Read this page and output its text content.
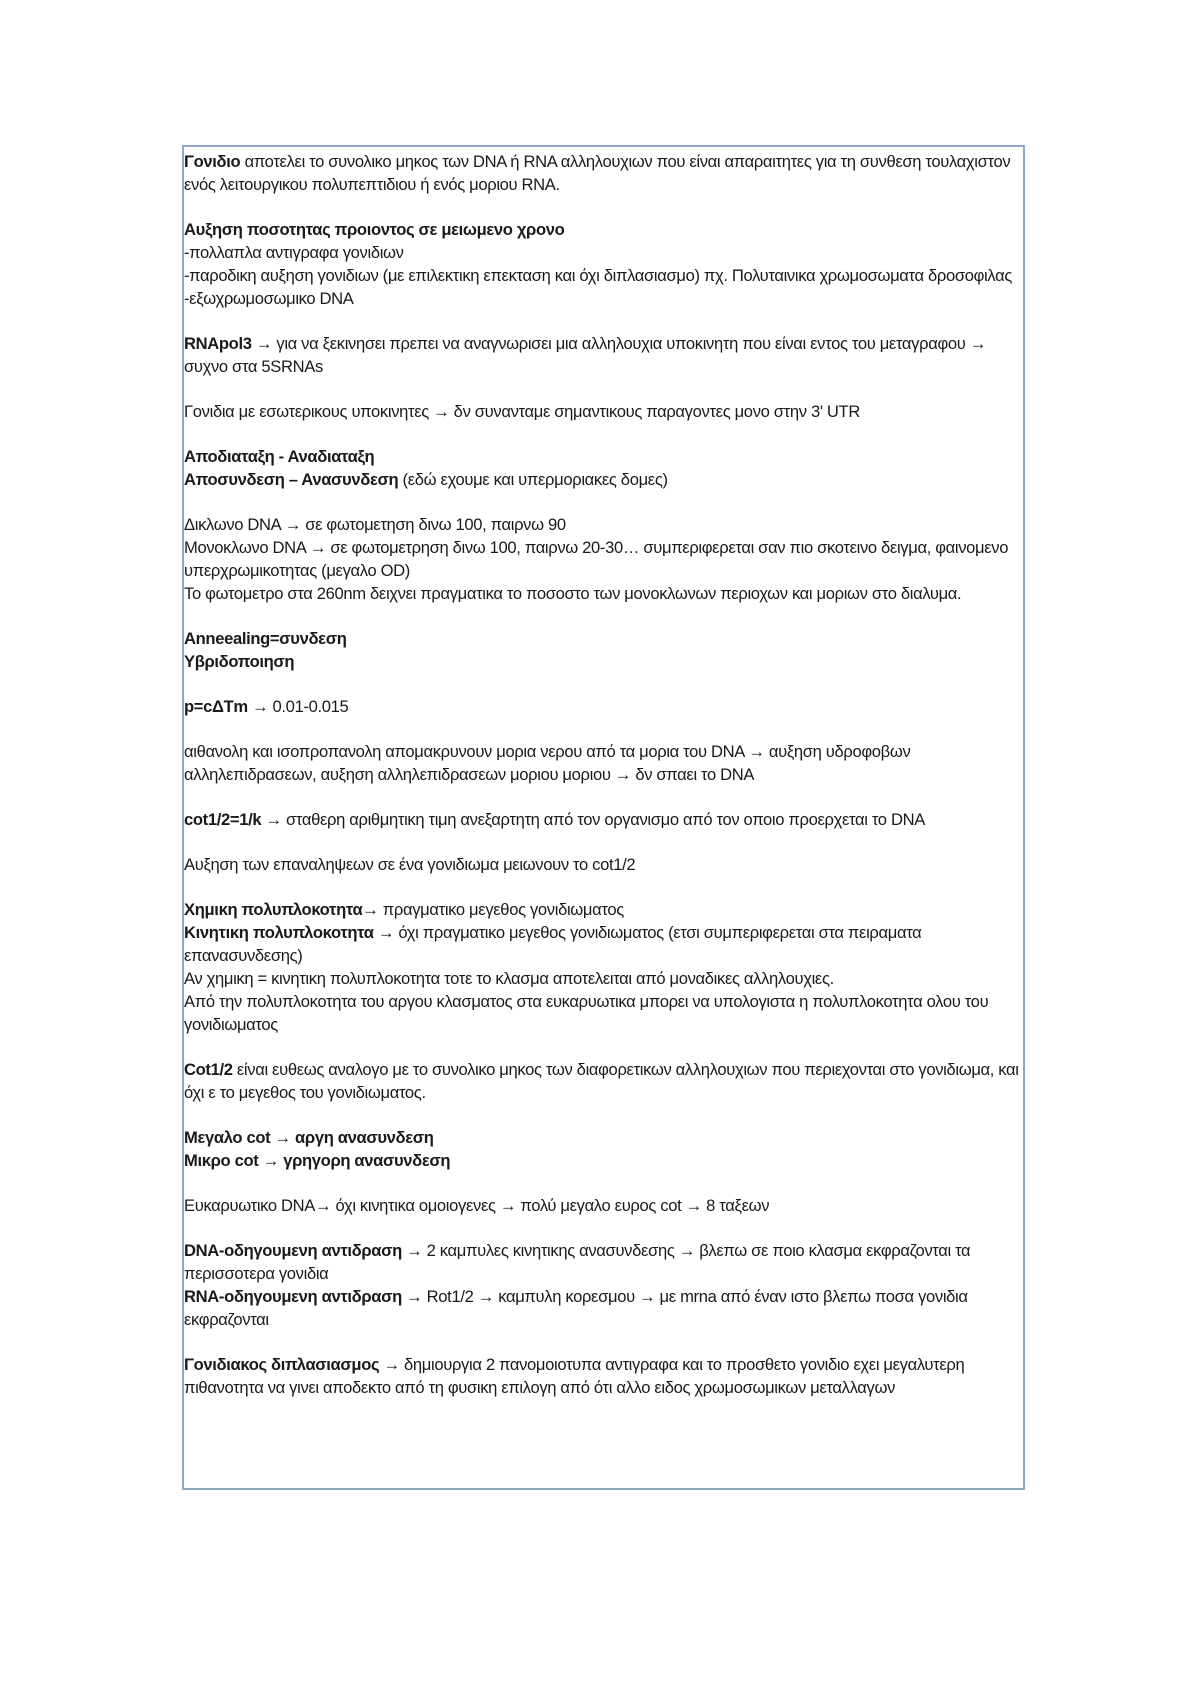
Γονιδιο αποτελει το συνολικο μηκος των DNA ή RNA αλληλουχιων που είναι απαραιτητες για τη συνθεση τουλαχιστον ενός λειτουργικου πολυπεπτιδιου ή ενός μοριου RNA.
Αυξηση ποσοτητας προιοντος σε μειωμενο χρονο
-πολλαπλα αντιγραφα γονιδιων
-παροδικη αυξηση γονιδιων (με επιλεκτικη επεκταση και όχι διπλασιασμο) πχ. Πολυταινικα χρωμοσωματα δροσοφιλας
-εξωχρωμοσωμικο DNA
RNApol3 → για να ξεκινησει πρεπει να αναγνωρισει μια αλληλουχια υποκινητη που είναι εντος του μεταγραφου → συχνο στα 5SRNAs
Γονιδια με εσωτερικους υποκινητες → δν συνανταμε σημαντικους παραγοντες μονο στην 3' UTR
Αποδιαταξη - Αναδιαταξη
Αποσυνδεση – Ανασυνδεση (εδώ εχουμε και υπερμοριακες δομες)
Δικλωνο DNA → σε φωτομετηση δινω 100, παιρνω 90
Μονοκλωνο DNA → σε φωτομετρηση δινω 100, παιρνω 20-30… συμπεριφερεται σαν πιο σκοτεινο δειγμα, φαινομενο υπερχρωμικοτητας (μεγαλο OD)
Το φωτομετρο στα 260nm δειχνει πραγματικα το ποσοστο των μονοκλωνων περιοχων και μοριων στο διαλυμα.
Anneealing=συνδεση
Υβριδοποιηση
p=cΔTm → 0.01-0.015
αιθανολη και ισοπροπανολη απομακρυνουν μορια νερου από τα μορια του DNA → αυξηση υδροφοβων αλληλεπιδρασεων, αυξηση αλληλεπιδρασεων μοριου μοριου → δν σπαει το DNA
cot1/2=1/k → σταθερη αριθμητικη τιμη ανεξαρτητη από τον οργανισμο από τον οποιο προερχεται το DNA
Αυξηση των επαναληψεων σε ένα γονιδιωμα μειωνουν το cot1/2
Χημικη πολυπλοκοτητα→ πραγματικο μεγεθος γονιδιωματος
Κινητικη πολυπλοκοτητα → όχι πραγματικο μεγεθος γονιδιωματος (ετσι συμπεριφερεται στα πειραματα επανασυνδεσης)
Αν χημικη = κινητικη πολυπλοκοτητα τοτε το κλασμα αποτελειται από μοναδικες αλληλουχιες.
Από την πολυπλοκοτητα του αργου κλασματος στα ευκαρυωτικα μπορει να υπολογιστα η πολυπλοκοτητα ολου του γονιδιωματος
Cot1/2 είναι ευθεως αναλογο με το συνολικο μηκος των διαφορετικων αλληλουχιων που περιεχονται στο γονιδιωμα, και όχι ε το μεγεθος του γονιδιωματος.
Μεγαλο cot → αργη ανασυνδεση
Μικρο cot → γρηγορη ανασυνδεση
Ευκαρυωτικο DNA→ όχι κινητικα ομοιογενες → πολύ μεγαλο ευρος cot → 8 ταξεων
DNA-οδηγουμενη αντιδραση → 2 καμπυλες κινητικης ανασυνδεσης → βλεπω σε ποιο κλασμα εκφραζονται τα περισσοτερα γονιδια
RNA-οδηγουμενη αντιδραση → Rot1/2 → καμπυλη κορεσμου → με mrna από έναν ιστο βλεπω ποσα γονιδια εκφραζονται
Γονιδιακος διπλασιασμος → δημιουργια 2 πανομοιοτυπα αντιγραφα και το προσθετο γονιδιο εχει μεγαλυτερη πιθανοτητα να γινει αποδεκτο από τη φυσικη επιλογη από ότι αλλο ειδος χρωμοσωμικων μεταλλαγων
